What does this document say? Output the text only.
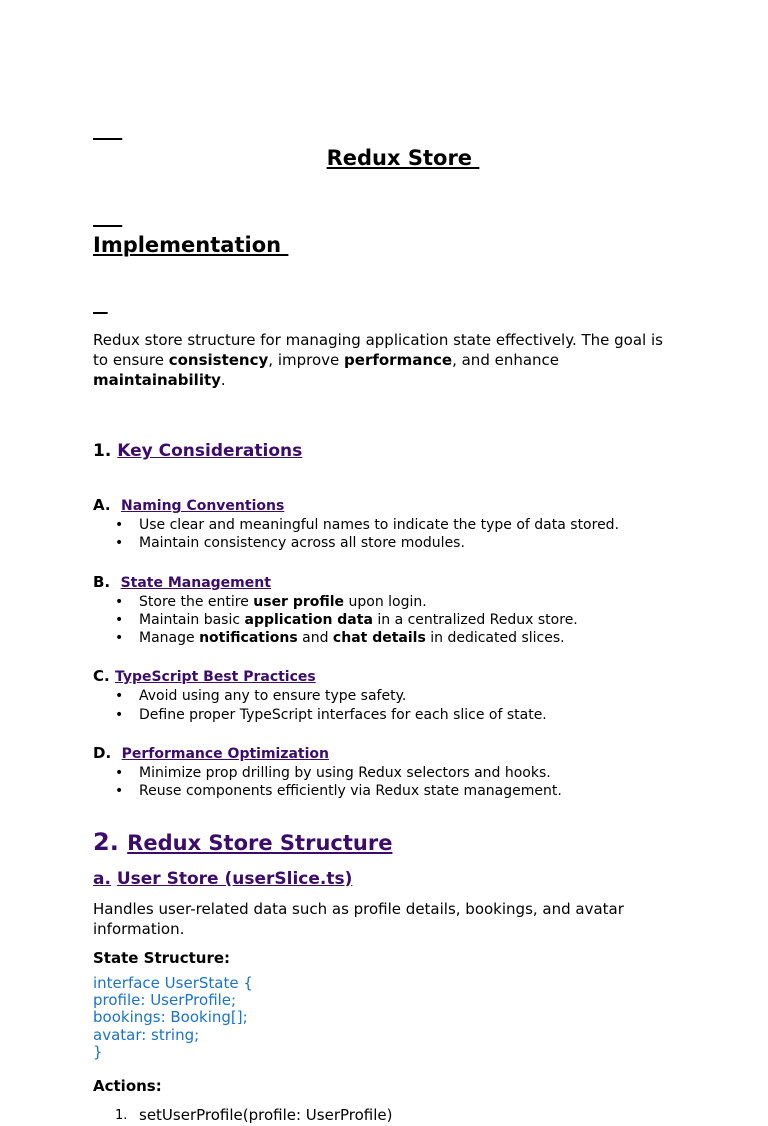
Redux Store

Implementation

Redux store structure for managing application state effectively. The goal is to ensure consistency, improve performance, and enhance maintainability.

1. Key Considerations
A.  Naming Conventions
• Use clear and meaningful names to indicate the type of data stored.
• Maintain consistency across all store modules.
B.  State Management
• Store the entire user profile upon login.
• Maintain basic application data in a centralized Redux store.
• Manage notifications and chat details in dedicated slices.
C. TypeScript Best Practices
• Avoid using any to ensure type safety.
• Define proper TypeScript interfaces for each slice of state.
D.  Performance Optimization
• Minimize prop drilling by using Redux selectors and hooks.
• Reuse components efficiently via Redux state management.
2. Redux Store Structure
a. User Store (userSlice.ts)

Handles user-related data such as profile details, bookings, and avatar information.

State Structure:

interface UserState {
profile: UserProfile;
bookings: Booking[];
avatar: string;
}

Actions:

1. setUserProfile(profile: UserProfile)
